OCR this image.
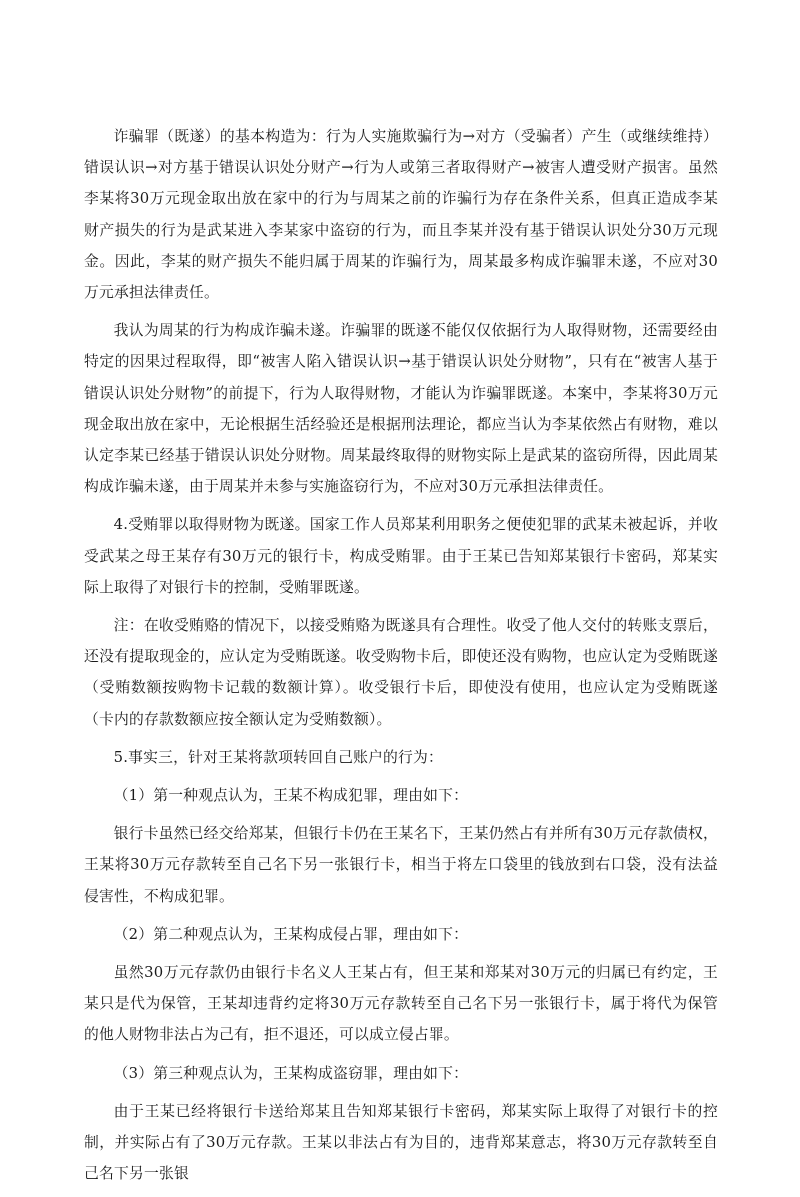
诈骗罪（既遂）的基本构造为：行为人实施欺骗行为→对方（受骗者）产生（或继续维持）错误认识→对方基于错误认识处分财产→行为人或第三者取得财产→被害人遭受财产损害。虽然李某将30万元现金取出放在家中的行为与周某之前的诈骗行为存在条件关系，但真正造成李某财产损失的行为是武某进入李某家中盗窃的行为，而且李某并没有基于错误认识处分30万元现金。因此，李某的财产损失不能归属于周某的诈骗行为，周某最多构成诈骗罪未遂，不应对30万元承担法律责任。

我认为周某的行为构成诈骗未遂。诈骗罪的既遂不能仅仅依据行为人取得财物，还需要经由特定的因果过程取得，即“被害人陷入错误认识→基于错误认识处分财物”，只有在“被害人基于错误认识处分财物”的前提下，行为人取得财物，才能认为诈骗罪既遂。本案中，李某将30万元现金取出放在家中，无论根据生活经验还是根据刑法理论，都应当认为李某依然占有财物，难以认定李某已经基于错误认识处分财物。周某最终取得的财物实际上是武某的盗窃所得，因此周某构成诈骗未遂，由于周某并未参与实施盗窃行为，不应对30万元承担法律责任。

4.受贿罪以取得财物为既遂。国家工作人员郑某利用职务之便使犯罪的武某未被起诉，并收受武某之母王某存有30万元的银行卡，构成受贿罪。由于王某已告知郑某银行卡密码，郑某实际上取得了对银行卡的控制，受贿罪既遂。

注：在收受贿赂的情况下，以接受贿赂为既遂具有合理性。收受了他人交付的转账支票后，还没有提取现金的，应认定为受贿既遂。收受购物卡后，即使还没有购物，也应认定为受贿既遂（受贿数额按购物卡记载的数额计算）。收受银行卡后，即使没有使用，也应认定为受贿既遂（卡内的存款数额应按全额认定为受贿数额）。

5.事实三，针对王某将款项转回自己账户的行为：

（1）第一种观点认为，王某不构成犯罪，理由如下：

银行卡虽然已经交给郑某，但银行卡仍在王某名下，王某仍然占有并所有30万元存款债权，王某将30万元存款转至自己名下另一张银行卡，相当于将左口袋里的钱放到右口袋，没有法益侵害性，不构成犯罪。

（2）第二种观点认为，王某构成侵占罪，理由如下：

虽然30万元存款仍由银行卡名义人王某占有，但王某和郑某对30万元的归属已有约定，王某只是代为保管，王某却违背约定将30万元存款转至自己名下另一张银行卡，属于将代为保管的他人财物非法占为己有，拒不退还，可以成立侵占罪。

（3）第三种观点认为，王某构成盗窃罪，理由如下：

由于王某已经将银行卡送给郑某且告知郑某银行卡密码，郑某实际上取得了对银行卡的控制，并实际占有了30万元存款。王某以非法占有为目的，违背郑某意志，将30万元存款转至自己名下另一张银
